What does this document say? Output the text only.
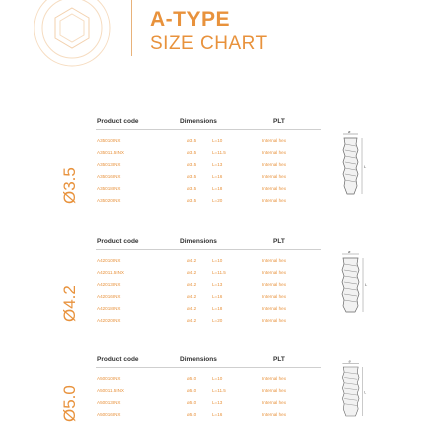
A-TYPE
SIZE CHART
Ø3.5
Product code	Dimensions	PLT
A35010INX	ø3.5	L=10	Internal hex
A35011.5INX	ø3.5	L=11.5	Internal hex
A35013INX	ø3.5	L=13	Internal hex
A35016INX	ø3.5	L=16	Internal hex
A35018INX	ø3.5	L=18	Internal hex
A35020INX	ø3.5	L=20	Internal hex
ø
L
Ø4.2
Product code	Dimensions	PLT
A42010INX	ø4.2	L=10	Internal hex
A42011.5INX	ø4.2	L=11.5	Internal hex
A42013INX	ø4.2	L=13	Internal hex
A42016INX	ø4.2	L=16	Internal hex
A42018INX	ø4.2	L=18	Internal hex
A42020INX	ø4.2	L=20	Internal hex
ø
L
Ø5.0
Product code	Dimensions	PLT
A50010INX	ø5.0	L=10	Internal hex
A50011.5INX	ø5.0	L=11.5	Internal hex
A50013INX	ø5.0	L=13	Internal hex
A50016INX	ø5.0	L=16	Internal hex
ø
L
